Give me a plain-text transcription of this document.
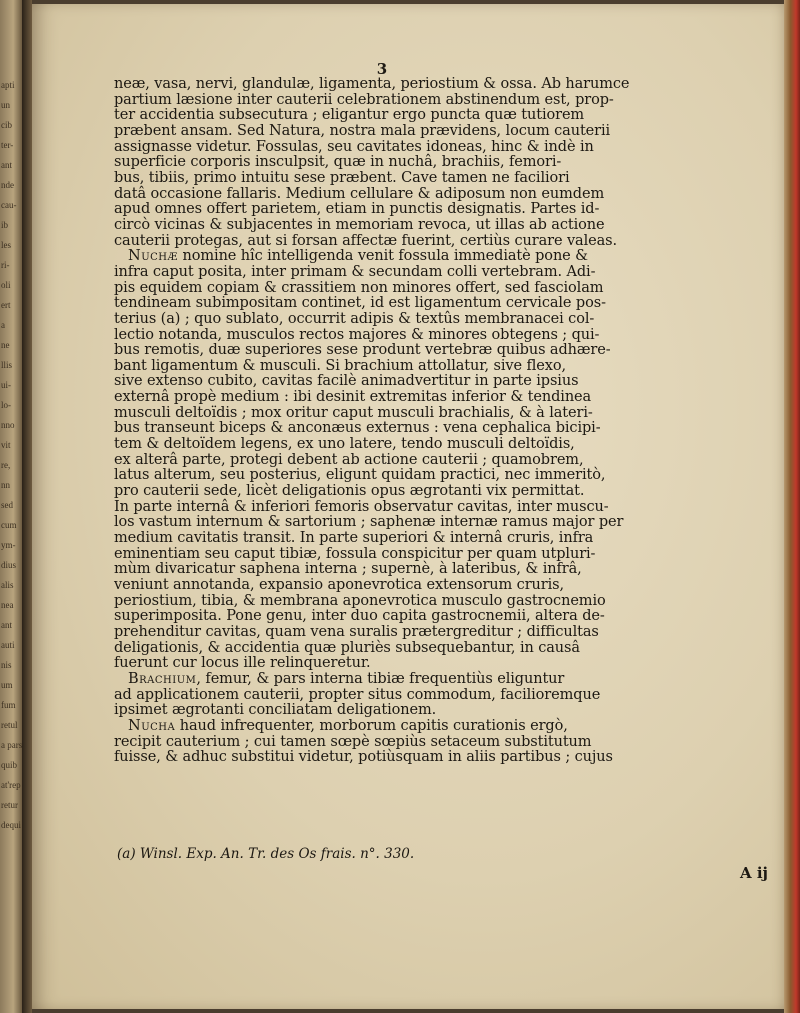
apti
un
cib
ter-
ant
nde
cau-
ib
les
ri-
oli
ert
a
ne
llis
ui-
lo-
nno
vit
re,
nn
sed
cum
ym-
dius
alis
nea
ant
auti
nis
um
fum
retul
a pars
quib
at'rep
retur
dequi
3
neæ, vasa, nervi, glandulæ, ligamenta, periostium & ossa. Ab harumce
partium læsione inter cauterii celebrationem abstinendum est, prop-
ter accidentia subsecutura ; eligantur ergo puncta quæ tutiorem
præbent ansam. Sed Natura, nostra mala prævidens, locum cauterii
assignasse videtur. Fossulas, seu cavitates idoneas, hinc & indè in
superficie corporis insculpsit, quæ in nuchâ, brachiis, femori-
bus, tibiis, primo intuitu sese præbent. Cave tamen ne faciliori
datâ occasione fallaris. Medium cellulare & adiposum non eumdem
apud omnes offert parietem, etiam in punctis designatis. Partes id-
circò vicinas & subjacentes in memoriam revoca, ut illas ab actione
cauterii protegas, aut si forsan affectæ fuerint, certiùs curare valeas.
Nuchæ nomine hîc intelligenda venit fossula immediatè pone &
infra caput posita, inter primam & secundam colli vertebram. Adi-
pis equidem copiam & crassitiem non minores offert, sed fasciolam
tendineam subimpositam continet, id est ligamentum cervicale pos-
terius (a) ; quo sublato, occurrit adipis & textûs membranacei col-
lectio notanda, musculos rectos majores & minores obtegens ; qui-
bus remotis, duæ superiores sese produnt vertebræ quibus adhære-
bant ligamentum & musculi. Si brachium attollatur, sive flexo,
sive extenso cubito, cavitas facilè animadvertitur in parte ipsius
externâ propè medium : ibi desinit extremitas inferior & tendinea
musculi deltoïdis ; mox oritur caput musculi brachialis, & à lateri-
bus transeunt biceps & anconæus externus : vena cephalica bicipi-
tem & deltoïdem legens, ex uno latere, tendo musculi deltoïdis,
ex alterâ parte, protegi debent ab actione cauterii ; quamobrem,
latus alterum, seu posterius, eligunt quidam practici, nec immeritò,
pro cauterii sede, licèt deligationis opus ægrotanti vix permittat.
In parte internâ & inferiori femoris observatur cavitas, inter muscu-
los vastum internum & sartorium ; saphenæ internæ ramus major per
medium cavitatis transit. In parte superiori & internâ cruris, infra
eminentiam seu caput tibiæ, fossula conspicitur per quam utpluri-
mùm divaricatur saphena interna ; supernè, à lateribus, & infrâ,
veniunt annotanda, expansio aponevrotica extensorum cruris,
periostium, tibia, & membrana aponevrotica musculo gastrocnemio
superimposita. Pone genu, inter duo capita gastrocnemii, altera de-
prehenditur cavitas, quam vena suralis prætergreditur ; difficultas
deligationis, & accidentia quæ pluriès subsequebantur, in causâ
fuerunt cur locus ille relinqueretur.
Brachium, femur, & pars interna tibiæ frequentiùs eliguntur
ad applicationem cauterii, propter situs commodum, facilioremque
ipsimet ægrotanti conciliatam deligationem.
Nucha haud infrequenter, morborum capitis curationis ergò,
recipit cauterium ; cui tamen sœpè sœpiùs setaceum substitutum
fuisse, & adhuc substitui videtur, potiùsquam in aliis partibus ; cujus
(a) Winsl. Exp. An. Tr. des Os frais. n°. 330.
A ij
